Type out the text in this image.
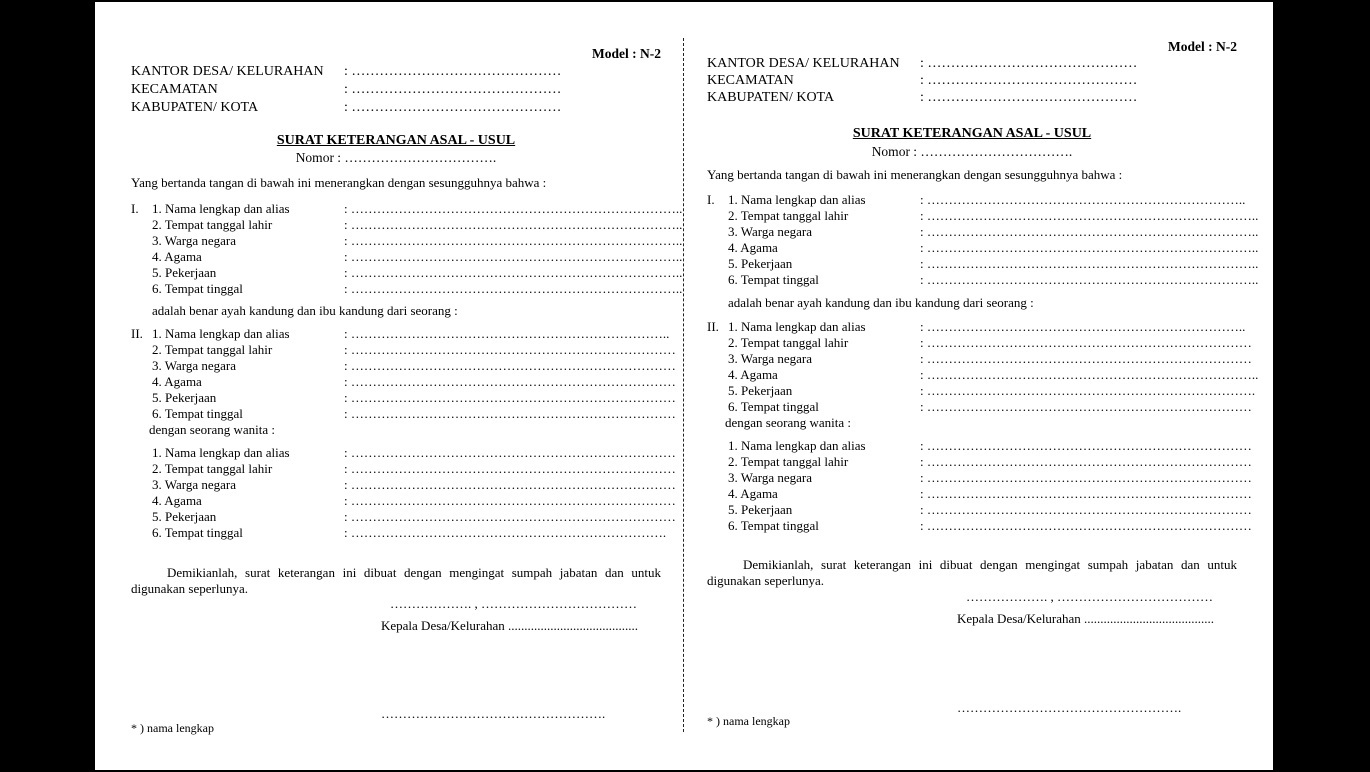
Model : N-2
KANTOR DESA/ KELURAHAN : ………………………………………
KECAMATAN	: ………………………………………
KABUPATEN/ KOTA	: ………………………………………
SURAT KETERANGAN ASAL - USUL
Nomor : …………………………….
Yang bertanda tangan di bawah ini menerangkan dengan sesungguhnya bahwa :
I. 1. Nama lengkap dan alias	: …………………………………………………………………..
2. Tempat tanggal lahir	: …………………………………………………………………..
3. Warga negara	: …………………………………………………………………..
4. Agama	: …………………………………………………………………..
5. Pekerjaan	: …………………………………………………………………..
6. Tempat tinggal	: …………………………………………………………………..
adalah benar ayah kandung dan ibu kandung dari seorang :
II. 1. Nama lengkap dan alias	: ………………………………………………………………..
2. Tempat tanggal lahir	: …………………………………………………………………
3. Warga negara	: …………………………………………………………………
4. Agama	: …………………………………………………………………
5. Pekerjaan	: …………………………………………………………………
6. Tempat tinggal	: …………………………………………………………………
dengan seorang wanita :
1. Nama lengkap dan alias	: …………………………………………………………………
2. Tempat tanggal lahir	: …………………………………………………………………
3. Warga negara	: …………………………………………………………………
4. Agama	: …………………………………………………………………
5. Pekerjaan	: …………………………………………………………………
6. Tempat tinggal	: ……………………………………………………………….
Demikianlah, surat keterangan ini dibuat dengan mengingat sumpah jabatan dan untuk digunakan seperlunya.
………………. , ………………………………
Kepala Desa/Kelurahan ........................................
…………………………………………….
* ) nama lengkap
Model : N-2
KANTOR DESA/ KELURAHAN : ………………………………………
KECAMATAN	: ………………………………………
KABUPATEN/ KOTA	: ………………………………………
SURAT KETERANGAN ASAL - USUL
Nomor : …………………………….
Yang bertanda tangan di bawah ini menerangkan dengan sesungguhnya bahwa :
I. 1. Nama lengkap dan alias	: ………………………………………………………………..
2. Tempat tanggal lahir	: …………………………………………………………………..
3. Warga negara	: …………………………………………………………………..
4. Agama	: …………………………………………………………………..
5. Pekerjaan	: …………………………………………………………………..
6. Tempat tinggal	: …………………………………………………………………..
adalah benar ayah kandung dan ibu kandung dari seorang :
II. 1. Nama lengkap dan alias	: ………………………………………………………………..
2. Tempat tanggal lahir	: …………………………………………………………………
3. Warga negara	: …………………………………………………………………
4. Agama	: …………………………………………………………………..
5. Pekerjaan	: ………………………………………………………………….
6. Tempat tinggal	: …………………………………………………………………
dengan seorang wanita :
1. Nama lengkap dan alias	: …………………………………………………………………
2. Tempat tanggal lahir	: …………………………………………………………………
3. Warga negara	: …………………………………………………………………
4. Agama	: …………………………………………………………………
5. Pekerjaan	: …………………………………………………………………
6. Tempat tinggal	: …………………………………………………………………
Demikianlah, surat keterangan ini dibuat dengan mengingat sumpah jabatan dan untuk digunakan seperlunya.
………………. , ………………………………
Kepala Desa/Kelurahan ........................................
…………………………………………….
* ) nama lengkap
